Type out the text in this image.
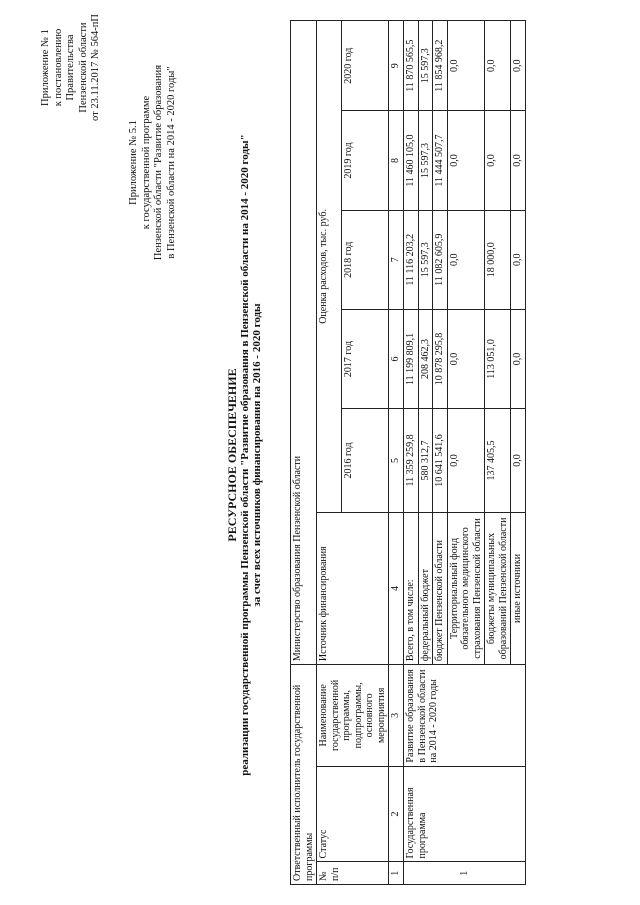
Приложение № 1 к постановлению Правительства Пензенской области от 23.11.2017 № 564-пП
Приложение № 5.1 к государственной программе Пензенской области "Развитие образования в Пензенской области на 2014 - 2020 годы"
РЕСУРСНОЕ ОБЕСПЕЧЕНИЕ реализации государственной программы Пензенской области "Развитие образования в Пензенской области на 2014 - 2020 годы" за счет всех источников финансирования на 2016 - 2020 годы
Ответственный исполнитель государственной программы			Министерство образования Пензенской области					
№ п/п	Статус	Наименование государственной программы, подпрограммы, основного мероприятия	Источник финансирования	Оценка расходов, тыс. руб.				
				2016 год	2017 год	2018 год	2019 год	2020 год
1	2	3	4	5	6	7	8	9
1	Государственная программа	Развитие образования в Пензенской области на 2014 - 2020 годы	Всего, в том числе:	11 359 259,8	11 199 809,1	11 116 203,2	11 460 105,0	11 870 565,5
			федеральный бюджет	580 312,7	208 462,3	15 597,3	15 597,3	15 597,3
			бюджет Пензенской области	10 641 541,6	10 878 295,8	11 082 605,9	11 444 507,7	11 854 968,2
			Территориальный фонд обязательного медицинского страхования Пензенской области	0,0	0,0	0,0	0,0	0,0
			бюджеты муниципальных образований Пензенской области	137 405,5	113 051,0	18 000,0	0,0	0,0
			иные источники	0,0	0,0	0,0	0,0	0,0
